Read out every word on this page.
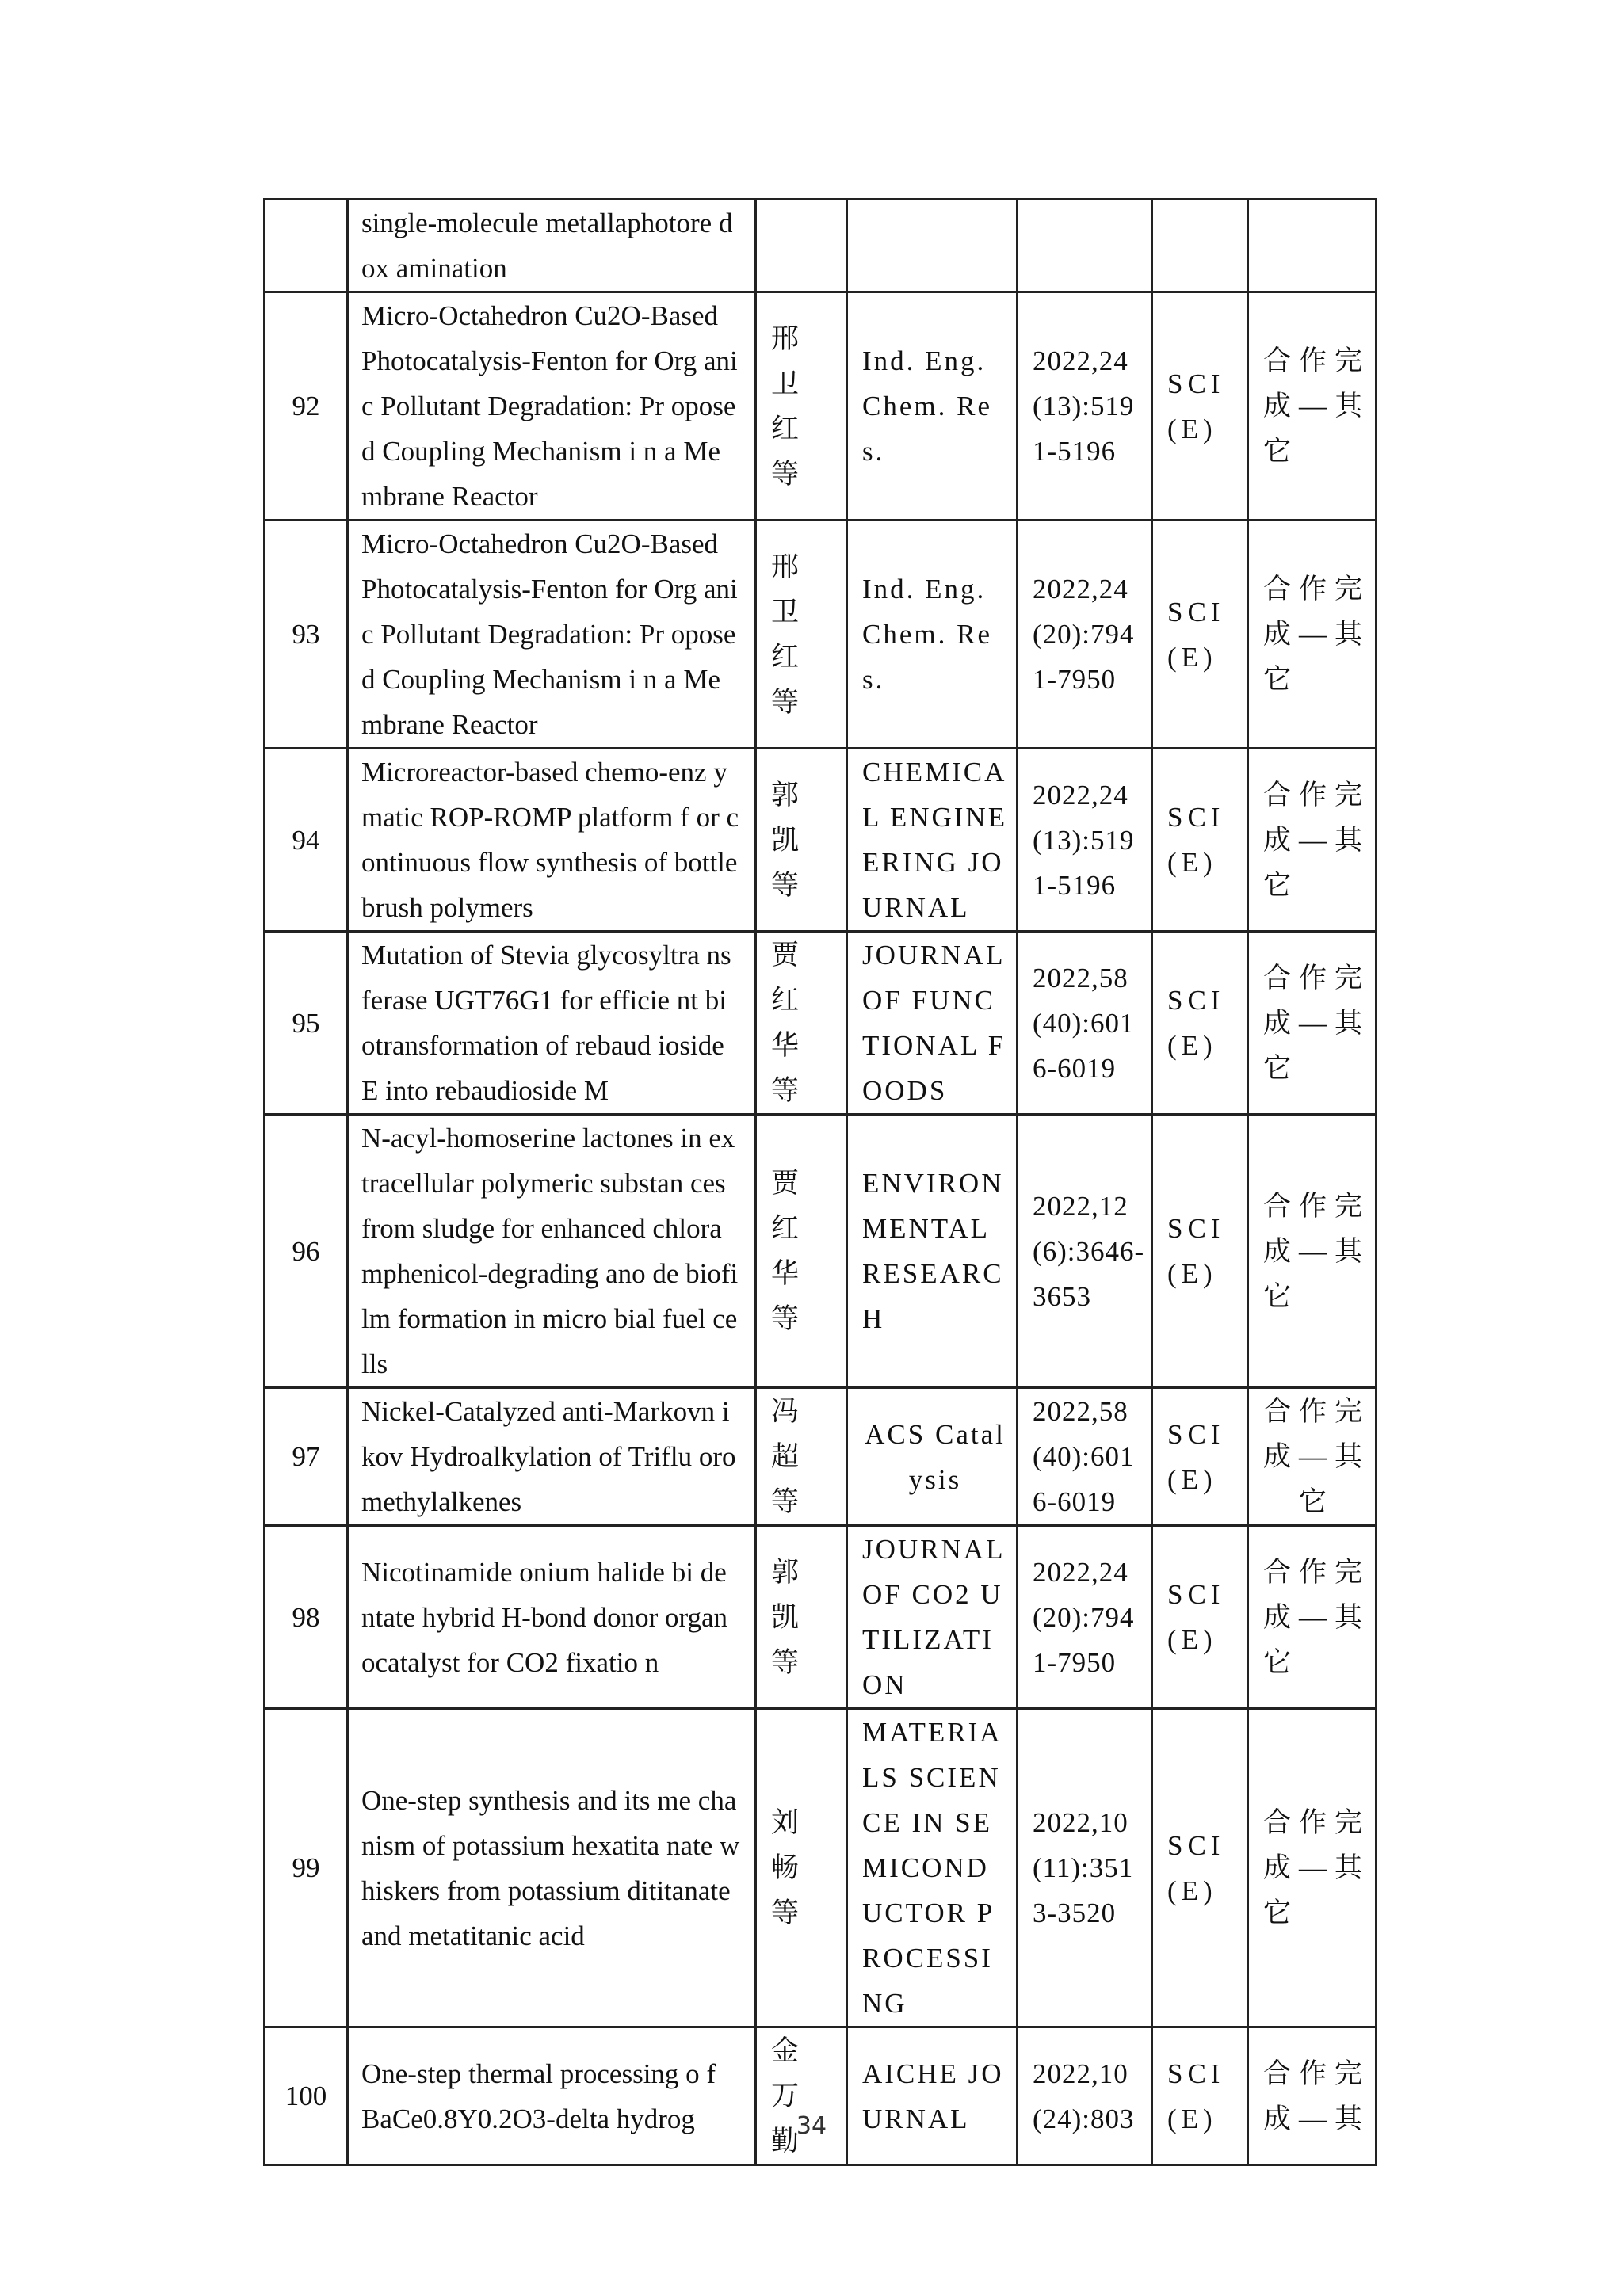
	single-molecule metallaphotore dox amination					
92	Micro-Octahedron Cu2O-Based Photocatalysis-Fenton for Org anic Pollutant Degradation: Pr oposed Coupling Mechanism i n a Membrane Reactor	邢卫红等	Ind. Eng. Chem. Res.	2022,24(13):5191-5196	SCI(E)	合作完成—其它
93	Micro-Octahedron Cu2O-Based Photocatalysis-Fenton for Org anic Pollutant Degradation: Pr oposed Coupling Mechanism i n a Membrane Reactor	邢卫红等	Ind. Eng. Chem. Res.	2022,24(20):7941-7950	SCI(E)	合作完成—其它
94	Microreactor-based chemo-enz ymatic ROP-ROMP platform f or continuous flow synthesis of bottlebrush polymers	郭凯等	CHEMICAL ENGINEERING JOURNAL	2022,24(13):5191-5196	SCI(E)	合作完成—其它
95	Mutation of Stevia glycosyltra nsferase UGT76G1 for efficie nt biotransformation of rebaud ioside E into rebaudioside M	贾红华等	JOURNAL OF FUNCTIONAL FOODS	2022,58(40):6016-6019	SCI(E)	合作完成—其它
96	N-acyl-homoserine lactones in extracellular polymeric substan ces from sludge for enhanced chloramphenicol-degrading ano de biofilm formation in micro bial fuel cells	贾红华等	ENVIRONMENTAL RESEARCH	2022,12(6):3646-3653	SCI(E)	合作完成—其它
97	Nickel-Catalyzed anti-Markovn ikov Hydroalkylation of Triflu oromethylalkenes	冯超等	ACS Catalysis	2022,58(40):6016-6019	SCI(E)	合作完成—其它
98	Nicotinamide onium halide bi dentate hybrid H-bond donor organocatalyst for CO2 fixatio n	郭凯等	JOURNAL OF CO2 UTILIZATION	2022,24(20):7941-7950	SCI(E)	合作完成—其它
99	One-step synthesis and its me chanism of potassium hexatita nate whiskers from potassium dititanate and metatitanic acid	刘畅等	MATERIALS SCIENCE IN SEMICONDUCTOR PROCESSING	2022,10(11):3513-3520	SCI(E)	合作完成—其它
100	One-step thermal processing o f BaCe0.8Y0.2O3-delta hydrog	金万勤	AICHE JOURNAL	2022,10(24):803	SCI(E)	合作完成—其
34
